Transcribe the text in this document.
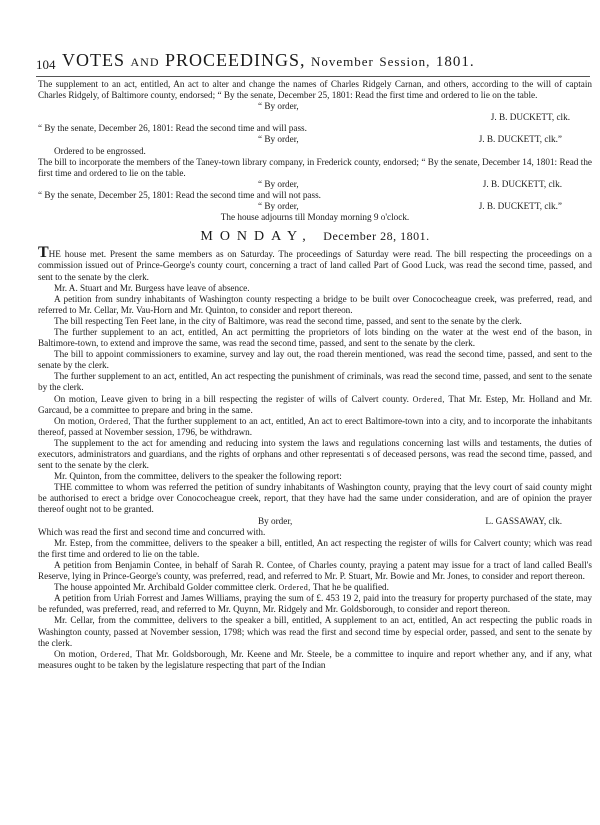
104 VOTES AND PROCEEDINGS, November Session, 1801.

The supplement to an act, entitled, An act to alter and change the names of Charles Ridgely Carnan, and others, according to the will of captain Charles Ridgely, of Baltimore county, endorsed; “ By the senate, December 25, 1801: Read the first time and ordered to lie on the table.

“ By order,
J. B. DUCKETT, clk.

“ By the senate, December 26, 1801: Read the second time and will pass.

“ By order,	J. B. DUCKETT, clk.”

Ordered to be engrossed.

The bill to incorporate the members of the Taney-town library company, in Frederick county, endorsed; “ By the senate, December 14, 1801: Read the first time and ordered to lie on the table.

“ By order,	J. B. DUCKETT, clk.

“ By the senate, December 25, 1801: Read the second time and will not pass.

“ By order,	J. B. DUCKETT, clk.”

The house adjourns till Monday morning 9 o'clock.

MONDAY, December 28, 1801.

THE house met. Present the same members as on Saturday. The proceedings of Saturday were read. The bill respecting the proceedings on a commission issued out of Prince-George's county court, concerning a tract of land called Part of Good Luck, was read the second time, passed, and sent to the senate by the clerk.

Mr. A. Stuart and Mr. Burgess have leave of absence.

A petition from sundry inhabitants of Washington county respecting a bridge to be built over Conococheague creek, was preferred, read, and referred to Mr. Cellar, Mr. Vau-Horn and Mr. Quinton, to consider and report thereon.

The bill respecting Ten Feet lane, in the city of Baltimore, was read the second time, passed, and sent to the senate by the clerk.

The further supplement to an act, entitled, An act permitting the proprietors of lots binding on the water at the west end of the bason, in Baltimore-town, to extend and improve the same, was read the second time, passed, and sent to the senate by the clerk.

The bill to appoint commissioners to examine, survey and lay out, the road therein mentioned, was read the second time, passed, and sent to the senate by the clerk.

The further supplement to an act, entitled, An act respecting the punishment of criminals, was read the second time, passed, and sent to the senate by the clerk.

On motion, Leave given to bring in a bill respecting the register of wills of Calvert county. Ordered, That Mr. Estep, Mr. Holland and Mr. Garcaud, be a committee to prepare and bring in the same.

On motion, Ordered, That the further supplement to an act, entitled, An act to erect Baltimore-town into a city, and to incorporate the inhabitants thereof, passed at November session, 1796, be withdrawn.

The supplement to the act for amending and reducing into system the laws and regulations concerning last wills and testaments, the duties of executors, administrators and guardians, and the rights of orphans and other representati s of deceased persons, was read the second time, passed, and sent to the senate by the clerk.

Mr. Quinton, from the committee, delivers to the speaker the following report:

THE committee to whom was referred the petition of sundry inhabitants of Washington county, praying that the levy court of said county might be authorised to erect a bridge over Conococheague creek, report, that they have had the same under consideration, and are of opinion the prayer thereof ought not to be granted.

By order,	L. GASSAWAY, clk.

Which was read the first and second time and concurred with.

Mr. Estep, from the committee, delivers to the speaker a bill, entitled, An act respecting the register of wills for Calvert county; which was read the first time and ordered to lie on the table.

A petition from Benjamin Contee, in behalf of Sarah R. Contee, of Charles county, praying a patent may issue for a tract of land called Beall's Reserve, lying in Prince-George's county, was preferred, read, and referred to Mr. P. Stuart, Mr. Bowie and Mr. Jones, to consider and report thereon.

The house appointed Mr. Archibald Golder committee clerk. Ordered, That he be qualified.

A petition from Uriah Forrest and James Williams, praying the sum of £. 453 19 2, paid into the treasury for property purchased of the state, may be refunded, was preferred, read, and referred to Mr. Quynn, Mr. Ridgely and Mr. Goldsborough, to consider and report thereon.

Mr. Cellar, from the committee, delivers to the speaker a bill, entitled, A supplement to an act, entitled, An act respecting the public roads in Washington county, passed at November session, 1798; which was read the first and second time by especial order, passed, and sent to the senate by the clerk.

On motion, Ordered, That Mr. Goldsborough, Mr. Keene and Mr. Steele, be a committee to inquire and report whether any, and if any, what measures ought to be taken by the legislature respecting that part of the Indian
